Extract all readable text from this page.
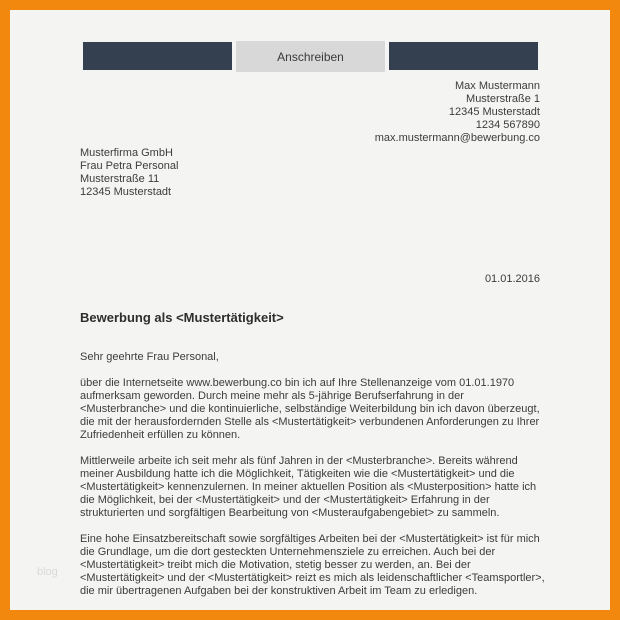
Anschreiben
Max Mustermann
Musterstraße 1
12345 Musterstadt
1234 567890
max.mustermann@bewerbung.co
Musterfirma GmbH
Frau Petra Personal
Musterstraße 11
12345 Musterstadt
01.01.2016
Bewerbung als <Mustertätigkeit>
Sehr geehrte Frau Personal,

über die Internetseite www.bewerbung.co bin ich auf Ihre Stellenanzeige vom 01.01.1970 aufmerksam geworden. Durch meine mehr als 5-jährige Berufserfahrung in der <Musterbranche> und die kontinuierliche, selbständige Weiterbildung bin ich davon überzeugt, die mit der herausfordernden Stelle als <Mustertätigkeit> verbundenen Anforderungen zu Ihrer Zufriedenheit erfüllen zu können.

Mittlerweile arbeite ich seit mehr als fünf Jahren in der <Musterbranche>. Bereits während meiner Ausbildung hatte ich die Möglichkeit, Tätigkeiten wie die <Mustertätigkeit> und die <Mustertätigkeit> kennenzulernen. In meiner aktuellen Position als <Musterposition> hatte ich die Möglichkeit, bei der <Mustertätigkeit> und der <Mustertätigkeit> Erfahrung in der strukturierten und sorgfältigen Bearbeitung von <Musteraufgabengebiet> zu sammeln.

Eine hohe Einsatzbereitschaft sowie sorgfältiges Arbeiten bei der <Mustertätigkeit> ist für mich die Grundlage, um die dort gesteckten Unternehmensziele zu erreichen. Auch bei der <Mustertätigkeit> treibt mich die Motivation, stetig besser zu werden, an. Bei der <Mustertätigkeit> und der <Mustertätigkeit> reizt es mich als leidenschaftlicher <Teamsportler>, die mir übertragenen Aufgaben bei der konstruktiven Arbeit im Team zu erledigen.

blog
